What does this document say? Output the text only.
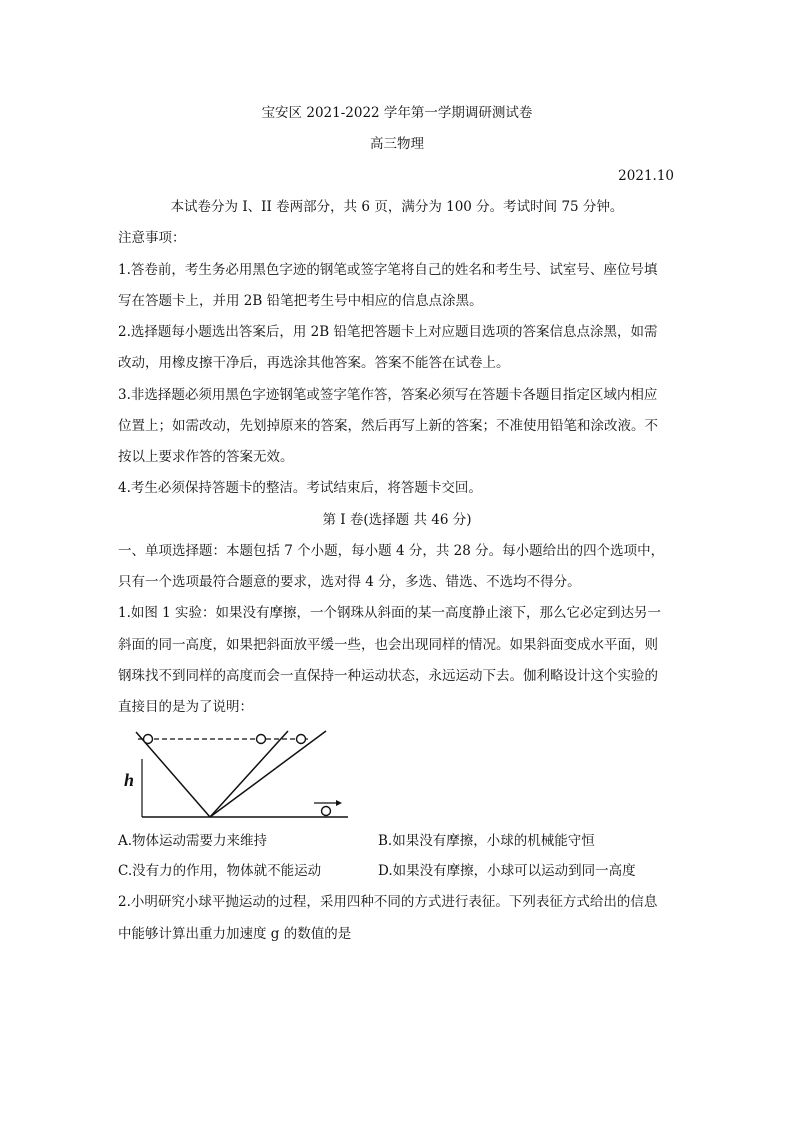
宝安区 2021-2022 学年第一学期调研测试卷
高三物理
2021.10
本试卷分为 I、II 卷两部分，共 6 页，满分为 100 分。考试时间 75 分钟。
注意事项：
1.答卷前，考生务必用黑色字迹的钢笔或签字笔将自己的姓名和考生号、试室号、座位号填
写在答题卡上，并用 2B 铅笔把考生号中相应的信息点涂黑。
2.选择题每小题选出答案后，用 2B 铅笔把答题卡上对应题目选项的答案信息点涂黑，如需
改动，用橡皮擦干净后，再选涂其他答案。答案不能答在试卷上。
3.非选择题必须用黑色字迹钢笔或签字笔作答，答案必须写在答题卡各题目指定区域内相应
位置上；如需改动，先划掉原来的答案，然后再写上新的答案；不准使用铅笔和涂改液。不
按以上要求作答的答案无效。
4.考生必须保持答题卡的整洁。考试结束后，将答题卡交回。
第 I 卷(选择题 共 46 分)
一、单项选择题：本题包括 7 个小题，每小题 4 分，共 28 分。每小题给出的四个选项中，
只有一个选项最符合题意的要求，选对得 4 分，多选、错选、不选均不得分。
1.如图 1 实验：如果没有摩擦，一个钢珠从斜面的某一高度静止滚下，那么它必定到达另一
斜面的同一高度，如果把斜面放平缓一些，也会出现同样的情况。如果斜面变成水平面，则
钢珠找不到同样的高度而会一直保持一种运动状态，永远运动下去。伽利略设计这个实验的
直接目的是为了说明：
h
A.物体运动需要力来维持	B.如果没有摩擦，小球的机械能守恒
C.没有力的作用，物体就不能运动	D.如果没有摩擦，小球可以运动到同一高度
2.小明研究小球平抛运动的过程，采用四种不同的方式进行表征。下列表征方式给出的信息
中能够计算出重力加速度 g 的数值的是
